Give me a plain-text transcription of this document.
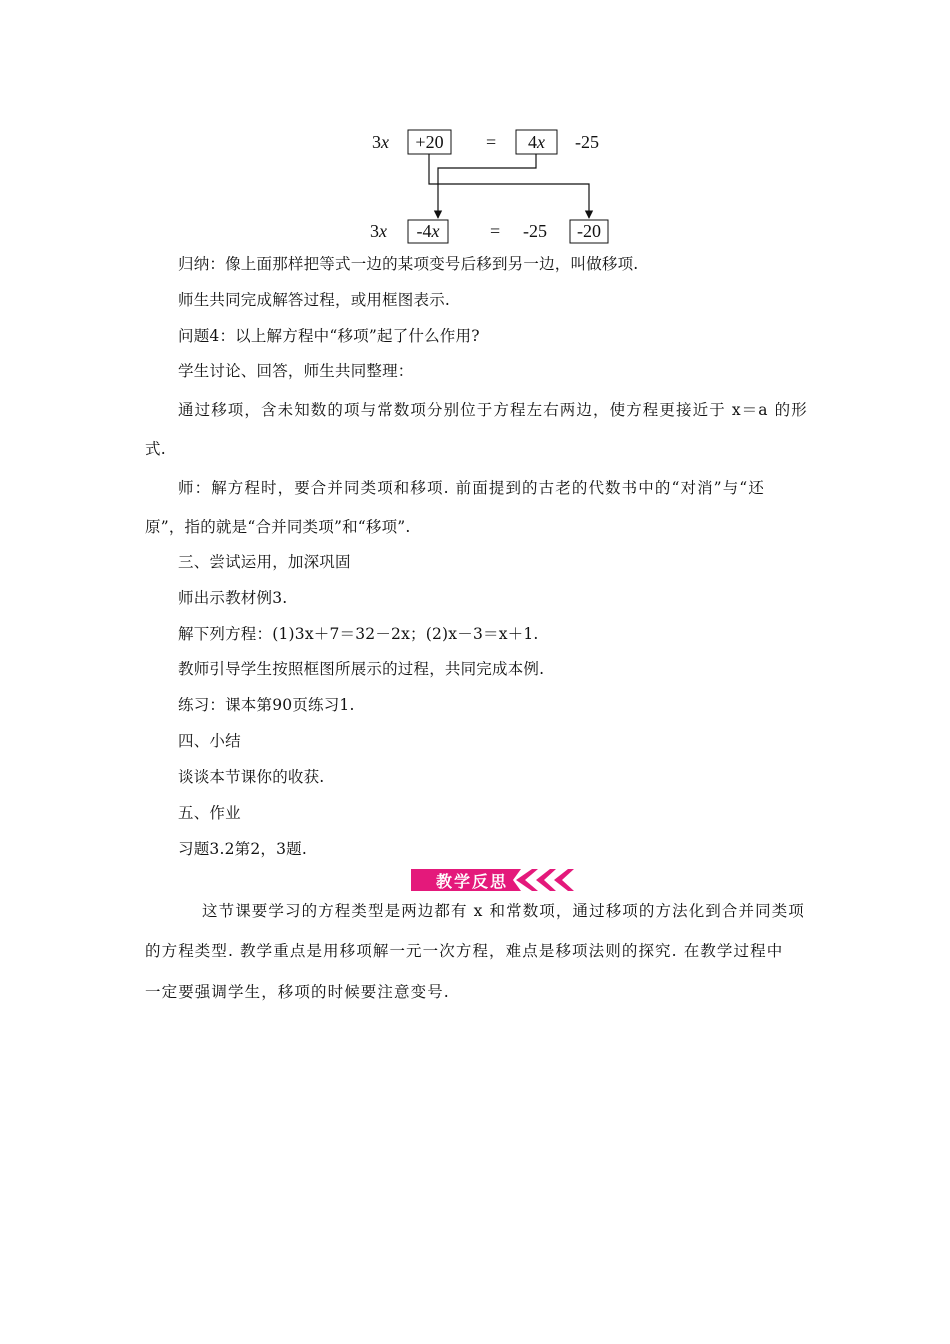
3x +20 = 4x -25
3x -4x	= -25 -20
归纳：像上面那样把等式一边的某项变号后移到另一边，叫做移项.
师生共同完成解答过程，或用框图表示.
问题4：以上解方程中“移项”起了什么作用?
学生讨论、回答，师生共同整理：
通过移项，含未知数的项与常数项分别位于方程左右两边，使方程更接近于 x＝a 的形
式.
师：解方程时，要合并同类项和移项. 前面提到的古老的代数书中的“对消”与“还
原”，指的就是“合并同类项”和“移项”.
三、尝试运用，加深巩固
师出示教材例3.
解下列方程：(1)3x＋7＝32－2x；(2)x－3＝x＋1.
教师引导学生按照框图所展示的过程，共同完成本例.
练习：课本第90页练习1.
四、小结
谈谈本节课你的收获.
五、作业
习题3.2第2，3题.
教学反思
这节课要学习的方程类型是两边都有 x 和常数项，通过移项的方法化到合并同类项
的方程类型. 教学重点是用移项解一元一次方程，难点是移项法则的探究. 在教学过程中
一定要强调学生，移项的时候要注意变号.
